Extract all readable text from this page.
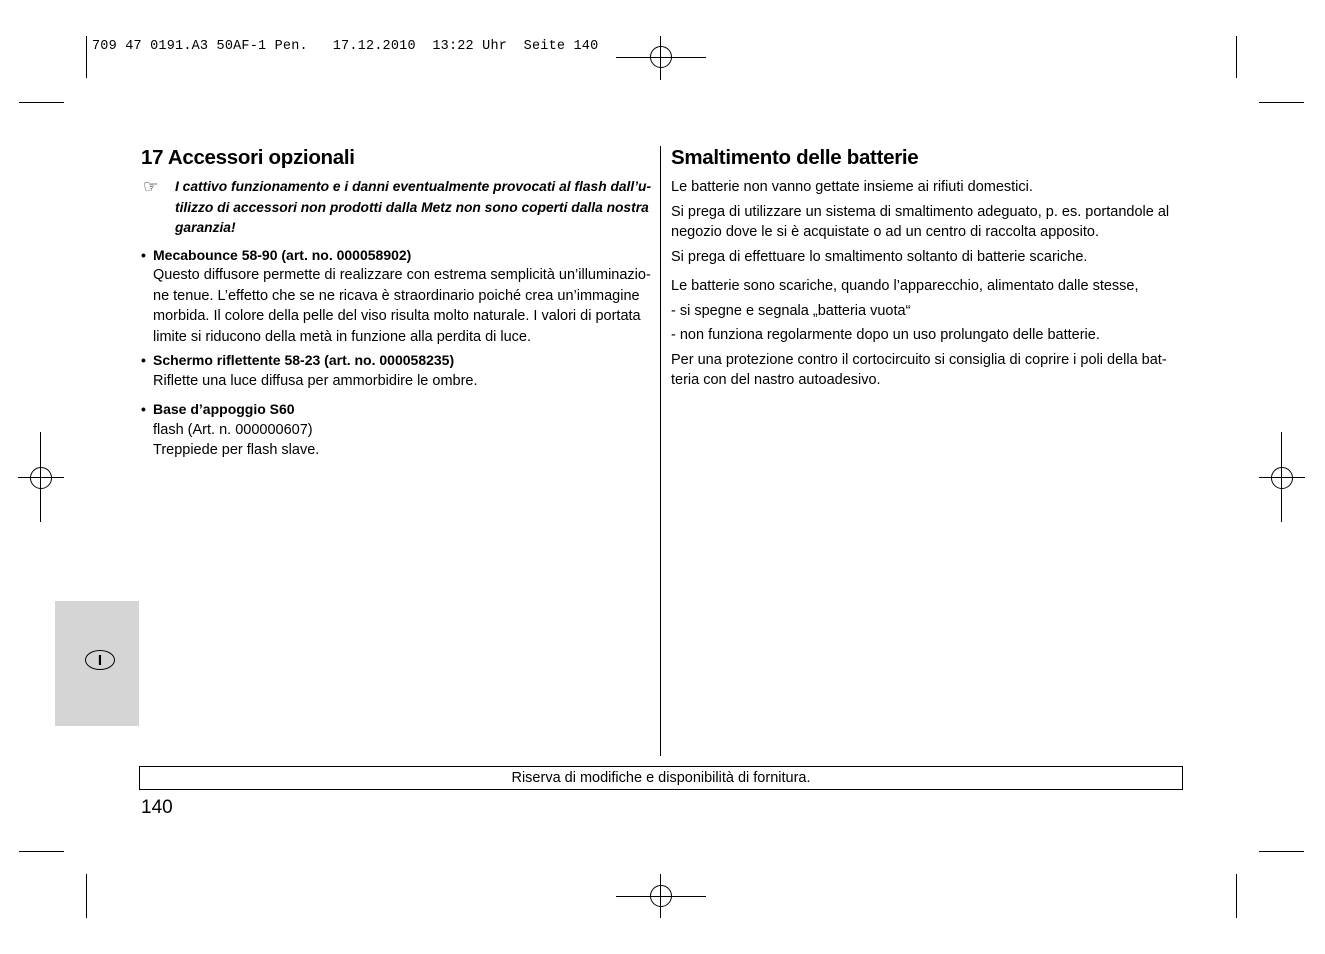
709 47 0191.A3 50AF-1 Pen.   17.12.2010  13:22 Uhr  Seite 140
17 Accessori opzionali
☞	I cattivo funzionamento e i danni eventualmente provocati al flash dall’u-
tilizzo di accessori non prodotti dalla Metz non sono coperti dalla nostra
garanzia!
• Mecabounce 58-90 (art. no. 000058902)
Questo diffusore permette di realizzare con estrema semplicità un’illuminazio-
ne tenue. L’effetto che se ne ricava è straordinario poiché crea un’immagine
morbida. Il colore della pelle del viso risulta molto naturale. I valori di portata
limite si riducono della metà in funzione alla perdita di luce.
• Schermo riflettente 58-23 (art. no. 000058235)
Riflette una luce diffusa per ammorbidire le ombre.
• Base d’appoggio S60
flash (Art. n. 000000607)
Treppiede per flash slave.
Smaltimento delle batterie

Le batterie non vanno gettate insieme ai rifiuti domestici.

Si prega di utilizzare un sistema di smaltimento adeguato, p. es. portandole al
negozio dove le si è acquistate o ad un centro di raccolta apposito.

Si prega di effettuare lo smaltimento soltanto di batterie scariche.

Le batterie sono scariche, quando l’apparecchio, alimentato dalle stesse,

- si spegne e segnala „batteria vuota“

- non funziona regolarmente dopo un uso prolungato delle batterie.

Per una protezione contro il cortocircuito si consiglia di coprire i poli della bat-
teria con del nastro autoadesivo.

I
Riserva di modifiche e disponibilità di fornitura.
140
